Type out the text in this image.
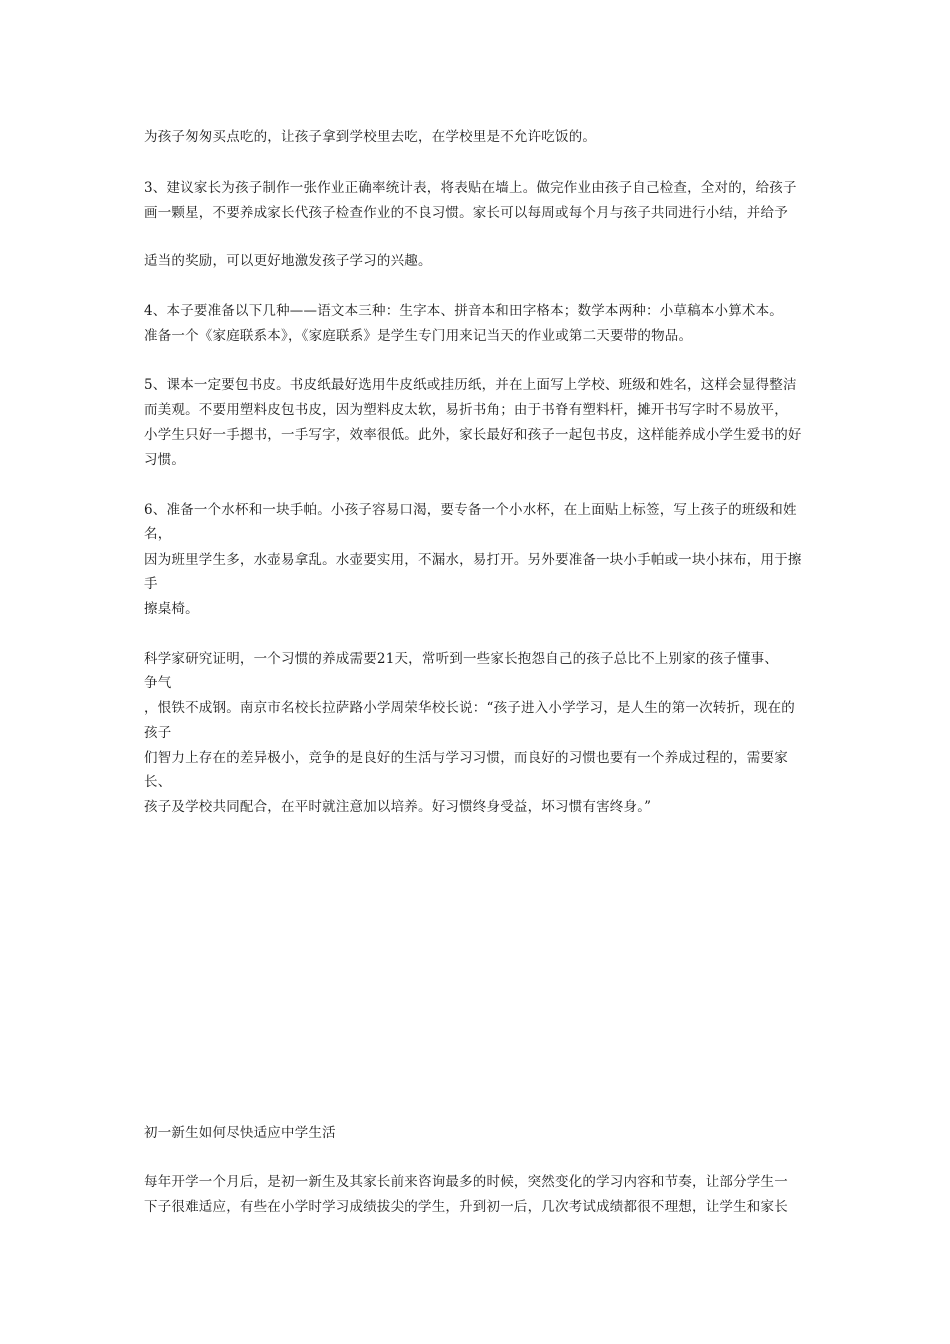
为孩子匆匆买点吃的，让孩子拿到学校里去吃，在学校里是不允许吃饭的。
3、建议家长为孩子制作一张作业正确率统计表，将表贴在墙上。做完作业由孩子自己检查，全对的，给孩子
画一颗星，不要养成家长代孩子检查作业的不良习惯。家长可以每周或每个月与孩子共同进行小结，并给予
适当的奖励，可以更好地激发孩子学习的兴趣。
4、本子要准备以下几种——语文本三种：生字本、拼音本和田字格本；数学本两种：小草稿本小算术本。
准备一个《家庭联系本》，《家庭联系》是学生专门用来记当天的作业或第二天要带的物品。
5、课本一定要包书皮。书皮纸最好选用牛皮纸或挂历纸，并在上面写上学校、班级和姓名，这样会显得整洁
而美观。不要用塑料皮包书皮，因为塑料皮太软，易折书角；由于书脊有塑料杆，摊开书写字时不易放平，
小学生只好一手摁书，一手写字，效率很低。此外，家长最好和孩子一起包书皮，这样能养成小学生爱书的好
习惯。
6、准备一个水杯和一块手帕。小孩子容易口渴，要专备一个小水杯，在上面贴上标签，写上孩子的班级和姓
名，
因为班里学生多，水壶易拿乱。水壶要实用，不漏水，易打开。另外要准备一块小手帕或一块小抹布，用于擦
手
擦桌椅。
科学家研究证明，一个习惯的养成需要21天，常听到一些家长抱怨自己的孩子总比不上别家的孩子懂事、
争气
，恨铁不成钢。南京市名校长拉萨路小学周荣华校长说：“孩子进入小学学习，是人生的第一次转折，现在的
孩子
们智力上存在的差异极小，竞争的是良好的生活与学习习惯，而良好的习惯也要有一个养成过程的，需要家
长、
孩子及学校共同配合，在平时就注意加以培养。好习惯终身受益，坏习惯有害终身。”
初一新生如何尽快适应中学生活
每年开学一个月后，是初一新生及其家长前来咨询最多的时候，突然变化的学习内容和节奏，让部分学生一
下子很难适应，有些在小学时学习成绩拔尖的学生，升到初一后，几次考试成绩都很不理想，让学生和家长
